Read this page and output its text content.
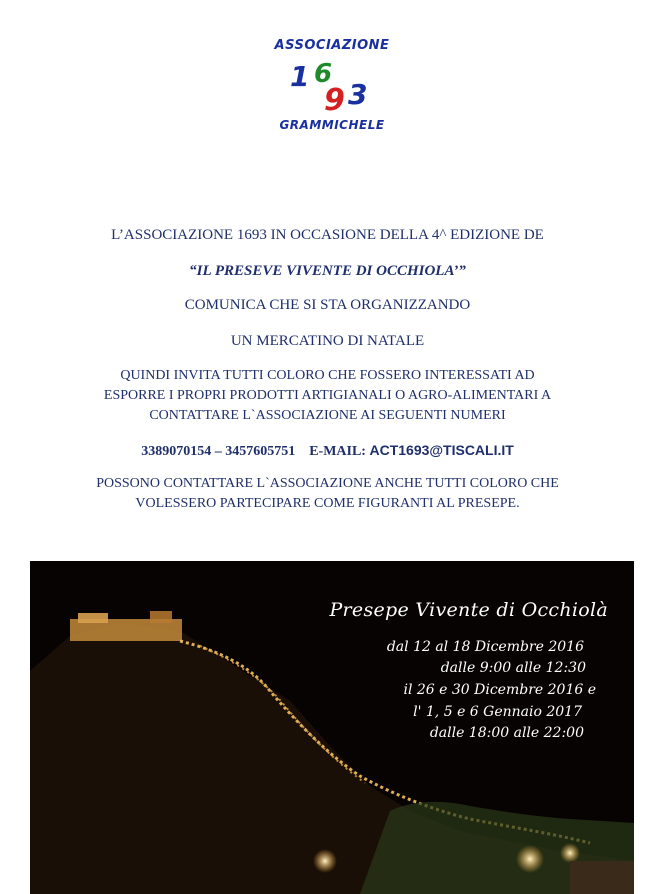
ASSOCIAZIONE
1 6
9 3
GRAMMICHELE
L’ASSOCIAZIONE 1693 IN OCCASIONE DELLA 4^ EDIZIONE DE
“IL PRESEVE VIVENTE DI OCCHIOLA’”
COMUNICA CHE SI STA ORGANIZZANDO
UN MERCATINO DI NATALE
QUINDI INVITA TUTTI COLORO CHE FOSSERO INTERESSATI AD
ESPORRE I PROPRI PRODOTTI ARTIGIANALI O AGRO-ALIMENTARI A
CONTATTARE L`ASSOCIAZIONE AI SEGUENTI NUMERI
3389070154 – 3457605751 E-MAIL: ACT1693@TISCALI.IT
POSSONO CONTATTARE L`ASSOCIAZIONE ANCHE TUTTI COLORO CHE
VOLESSERO PARTECIPARE COME FIGURANTI AL PRESEPE.
Presepe Vivente di Occhiolà
dal 12 al 18 Dicembre 2016
dalle 9:00 alle 12:30
il 26 e 30 Dicembre 2016 e
l' 1, 5 e 6 Gennaio 2017
dalle 18:00 alle 22:00
